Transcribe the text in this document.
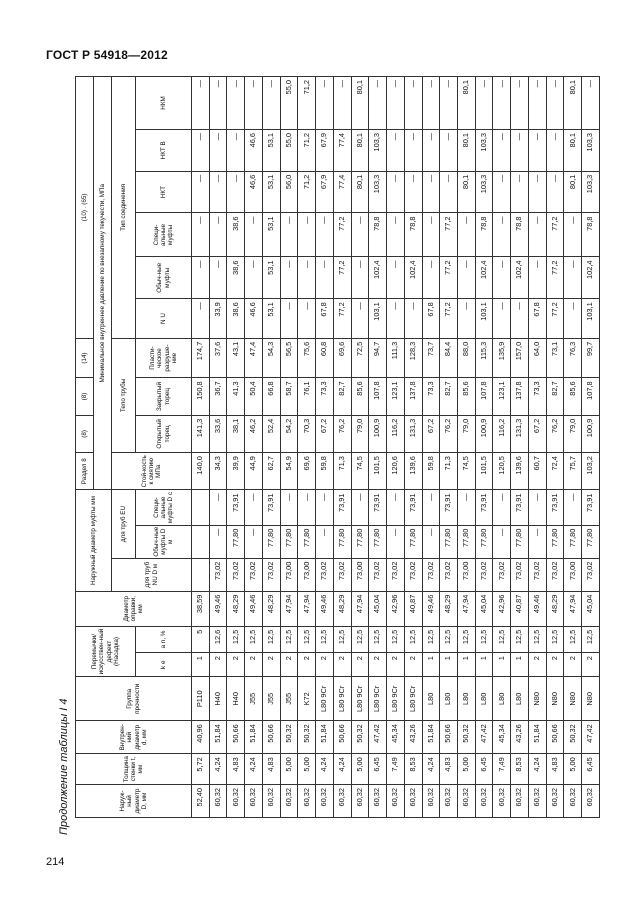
ГОСТ Р 54918—2012
Продолжение таблицы I 4
214
Наруж-ный диаметр D, мм	Толщина стенки t, мм	Внутрен-ний диаметр d, мм	Группа прочности	Перемычки/ искусствен-ный дефект (Насадка)		Диаметр оправки, мм	Наружный диаметр муфты мм			Раздел 8	(8)	(8)	(14)	(10) . (65)					
										Минимальное внутреннее давление по внезапному текучести, МПа									
							для труб NU D м	для труб EU		Стой-кость к смятию МПа	Тело трубы			Тип соединения					
				k e	a n, %			Обыч-ные муфты D м	Специ-альные муфты D с		Открытый торец	Закрытый торец	Пласти-ческое разруше-ние	N U	Обыч-ные муфты	Специ-альные муфты	НКТ	НКТ В	НКМ
52,40	5,72	40,96	P110	1	5	38,59				140,0	141,3	150,8	174,7	—	—	—	—	—	—
60,32	4,24	51,84	H40	2	12,6	49,46	73,02	—	—	34,3	33,6	36,7	37,6	33,9	—	—	—	—	—
60,32	4,83	50,66	H40	2	12,5	48,29	73,02	77,80	73,91	39,9	38,1	41,3	43,1	38,6	38,6	38,6	—	—	—
60,32	4,24	51,84	J55	2	12,5	49,46	73,02	—	—	44,9	46,2	50,4	47,4	46,6	—	—	46,6	46,6	—
60,32	4,83	50,66	J55	2	12,5	48,29	73,02	77,80	73,91	62,7	52,4	66,8	54,3	53,1	53,1	53,1	53,1	53,1	—
60,32	5,00	50,32	J55	2	12,5	47,94	73,00	77,80	—	54,9	54,2	58,7	56,5	—	—	—	56,0	55,0	55,0
60,32	5,00	50,32	K72	2	12,5	47,94	73,00	77,80	—	69,6	70,3	76,1	75,6	—	—	—	71,2	71,2	71,2
60,32	4,24	51,84	L80 9Cr	2	12,5	49,46	73,02	—	—	59,8	67,2	73,3	60,8	67,8	—	—	67,9	67,9	—
60,32	4,24	50,66	L80 9Cr	2	12,5	48,29	73,02	77,80	73,91	71,3	76,2	82,7	69,6	77,2	77,2	77,2	77,4	77,4	—
60,32	5,00	50,32	L80 9Cr	2	12,5	47,94	73,00	77,80	—	74,5	79,0	85,6	72,5	—	—	—	80,1	80,1	80,1
60,32	6,45	47,42	L80 9Cr	2	12,5	45,04	73,02	77,80	73,91	101,5	100,9	107,8	94,7	103,1	102,4	78,8	103,3	103,3	—
60,32	7,49	45,34	L80 9Cr	2	12,5	42,96	73,02	—	—	120,6	116,2	123,1	111,3	—	—	—	—	—	—
60,32	8,53	43,26	L80 9Cr	2	12,5	40,87	73,02	77,80	73,91	139,6	131,3	137,8	128,3	—	102,4	78,8	—	—	—
60,32	4,24	51,84	L80	1	12,5	49,46	73,02	—	—	59,8	67,2	73,3	73,7	67,8	—	—	—	—	—
60,32	4,83	50,66	L80	1	12,5	48,29	73,02	77,80	73,91	71,3	76,2	82,7	84,4	77,2	77,2	77,2	—	—	—
60,32	5,00	50,32	L80	1	12,5	47,94	73,00	77,80	—	74,5	79,0	85,6	88,0	—	—	—	80,1	80,1	80,1
60,32	6,45	47,42	L80	1	12,5	45,04	73,02	77,80	73,91	101,5	100,9	107,8	115,3	103,1	102,4	78,8	103,3	103,3	—
60,32	7,49	45,34	L80	1	12,5	42,96	73,02	—	—	120,5	116,2	123,1	135,9	—	—	—	—	—	—
60,32	8,53	43,26	L80	1	12,5	40,87	73,02	77,80	73,91	139,6	131,3	137,8	157,0	—	102,4	78,8	—	—	—
60,32	4,24	51,84	N80	2	12,5	49,46	73,02	—	—	60,7	67,2	73,3	64,0	67,8	—	—	—	—	—
60,32	4,83	50,66	N80	2	12,5	48,29	73,02	77,80	73,91	72,4	76,2	82,7	73,1	77,2	77,2	77,2	—	—	—
60,32	5,00	50,32	N80	2	12,5	47,94	73,00	77,80	—	75,7	79,0	85,6	76,3	—	—	—	80,1	80,1	80,1
60,32	6,45	47,42	N80	2	12,5	45,04	73,02	77,80	73,91	103,2	100,9	107,8	99,7	103,1	102,4	78,8	103,3	103,3	—
